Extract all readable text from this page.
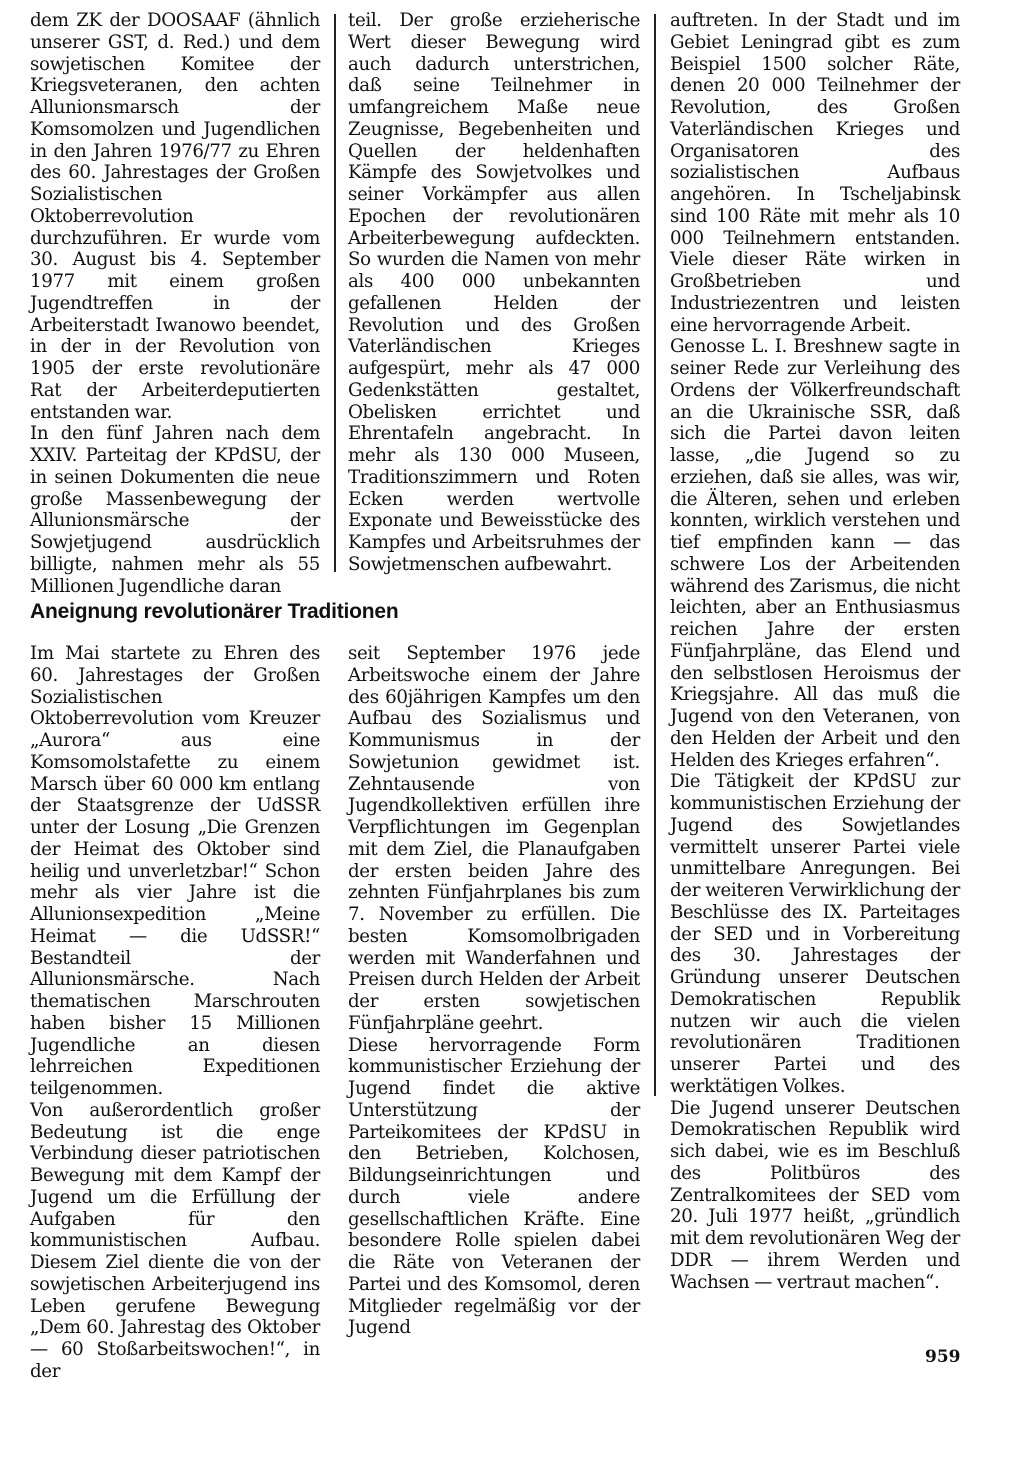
dem ZK der DOOSAAF (ähnlich unserer GST, d. Red.) und dem sowjetischen Komitee der Kriegsveteranen, den achten Allunionsmarsch der Komsomolzen und Jugendlichen in den Jahren 1976/77 zu Ehren des 60. Jahrestages der Großen Sozialistischen Oktoberrevolution durchzuführen. Er wurde vom 30. August bis 4. September 1977 mit einem großen Jugendtreffen in der Arbeiterstadt Iwanowo beendet, in der in der Revolution von 1905 der erste revolutionäre Rat der Arbeiterdeputierten entstanden war.

In den fünf Jahren nach dem XXIV. Parteitag der KPdSU, der in seinen Dokumenten die neue große Massenbewegung der Allunionsmärsche der Sowjetjugend ausdrücklich billigte, nahmen mehr als 55 Millionen Jugendliche daran

teil. Der große erzieherische Wert dieser Bewegung wird auch dadurch unterstrichen, daß seine Teilnehmer in umfangreichem Maße neue Zeugnisse, Begebenheiten und Quellen der heldenhaften Kämpfe des Sowjetvolkes und seiner Vorkämpfer aus allen Epochen der revolutionären Arbeiterbewegung aufdeckten. So wurden die Namen von mehr als 400 000 unbekannten gefallenen Helden der Revolution und des Großen Vaterländischen Krieges aufgespürt, mehr als 47 000 Gedenkstätten gestaltet, Obelisken errichtet und Ehrentafeln angebracht. In mehr als 130 000 Museen, Traditionszimmern und Roten Ecken werden wertvolle Exponate und Beweisstücke des Kampfes und Arbeitsruhmes der Sowjetmenschen aufbewahrt.

Aneignung revolutionärer Traditionen

Im Mai startete zu Ehren des 60. Jahrestages der Großen Sozialistischen Oktoberrevolution vom Kreuzer „Aurora“ aus eine Komsomolstafette zu einem Marsch über 60 000 km entlang der Staatsgrenze der UdSSR unter der Losung „Die Grenzen der Heimat des Oktober sind heilig und unverletzbar!“ Schon mehr als vier Jahre ist die Allunionsexpedition „Meine Heimat — die UdSSR!“ Bestandteil der Allunionsmärsche. Nach thematischen Marschrouten haben bisher 15 Millionen Jugendliche an diesen lehrreichen Expeditionen teilgenommen.

Von außerordentlich großer Bedeutung ist die enge Verbindung dieser patriotischen Bewegung mit dem Kampf der Jugend um die Erfüllung der Aufgaben für den kommunistischen Aufbau. Diesem Ziel diente die von der sowjetischen Arbeiterjugend ins Leben gerufene Bewegung „Dem 60. Jahrestag des Oktober — 60 Stoßarbeitswochen!“, in der

seit September 1976 jede Arbeitswoche einem der Jahre des 60jährigen Kampfes um den Aufbau des Sozialismus und Kommunismus in der Sowjetunion gewidmet ist. Zehntausende von Jugendkollektiven erfüllen ihre Verpflichtungen im Gegenplan mit dem Ziel, die Planaufgaben der ersten beiden Jahre des zehnten Fünfjahrplanes bis zum 7. November zu erfüllen. Die besten Komsomolbrigaden werden mit Wanderfahnen und Preisen durch Helden der Arbeit der ersten sowjetischen Fünfjahrpläne geehrt.

Diese hervorragende Form kommunistischer Erziehung der Jugend findet die aktive Unterstützung der Parteikomitees der KPdSU in den Betrieben, Kolchosen, Bildungseinrichtungen und durch viele andere gesellschaftlichen Kräfte. Eine besondere Rolle spielen dabei die Räte von Veteranen der Partei und des Komsomol, deren Mitglieder regelmäßig vor der Jugend

auftreten. In der Stadt und im Gebiet Leningrad gibt es zum Beispiel 1500 solcher Räte, denen 20 000 Teilnehmer der Revolution, des Großen Vaterländischen Krieges und Organisatoren des sozialistischen Aufbaus angehören. In Tscheljabinsk sind 100 Räte mit mehr als 10 000 Teilnehmern entstanden. Viele dieser Räte wirken in Großbetrieben und Industriezentren und leisten eine hervorragende Arbeit.

Genosse L. I. Breshnew sagte in seiner Rede zur Verleihung des Ordens der Völkerfreundschaft an die Ukrainische SSR, daß sich die Partei davon leiten lasse, „die Jugend so zu erziehen, daß sie alles, was wir, die Älteren, sehen und erleben konnten, wirklich verstehen und tief empfinden kann — das schwere Los der Arbeitenden während des Zarismus, die nicht leichten, aber an Enthusiasmus reichen Jahre der ersten Fünfjahrpläne, das Elend und den selbstlosen Heroismus der Kriegsjahre. All das muß die Jugend von den Veteranen, von den Helden der Arbeit und den Helden des Krieges erfahren“.

Die Tätigkeit der KPdSU zur kommunistischen Erziehung der Jugend des Sowjetlandes vermittelt unserer Partei viele unmittelbare Anregungen. Bei der weiteren Verwirklichung der Beschlüsse des IX. Parteitages der SED und in Vorbereitung des 30. Jahrestages der Gründung unserer Deutschen Demokratischen Republik nutzen wir auch die vielen revolutionären Traditionen unserer Partei und des werktätigen Volkes.

Die Jugend unserer Deutschen Demokratischen Republik wird sich dabei, wie es im Beschluß des Politbüros des Zentralkomitees der SED vom 20. Juli 1977 heißt, „gründlich mit dem revolutionären Weg der DDR — ihrem Werden und Wachsen — vertraut machen“.

959
